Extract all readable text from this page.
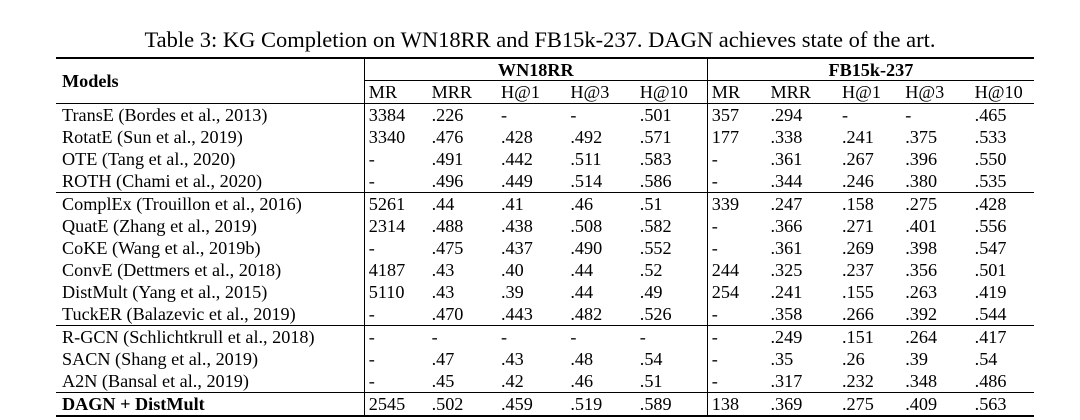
Table 3: KG Completion on WN18RR and FB15k-237. DAGN achieves state of the art.
Models	WN18RR					FB15k-237				
	MR	MRR	H@1	H@3	H@10	MR	MRR	H@1	H@3	H@10
TransE (Bordes et al., 2013)	3384	.226	-	-	.501	357	.294	-	-	.465
RotatE (Sun et al., 2019)	3340	.476	.428	.492	.571	177	.338	.241	.375	.533
OTE (Tang et al., 2020)	-	.491	.442	.511	.583	-	.361	.267	.396	.550
ROTH (Chami et al., 2020)	-	.496	.449	.514	.586	-	.344	.246	.380	.535
ComplEx (Trouillon et al., 2016)	5261	.44	.41	.46	.51	339	.247	.158	.275	.428
QuatE (Zhang et al., 2019)	2314	.488	.438	.508	.582	-	.366	.271	.401	.556
CoKE (Wang et al., 2019b)	-	.475	.437	.490	.552	-	.361	.269	.398	.547
ConvE (Dettmers et al., 2018)	4187	.43	.40	.44	.52	244	.325	.237	.356	.501
DistMult (Yang et al., 2015)	5110	.43	.39	.44	.49	254	.241	.155	.263	.419
TuckER (Balazevic et al., 2019)	-	.470	.443	.482	.526	-	.358	.266	.392	.544
R-GCN (Schlichtkrull et al., 2018)	-	-	-	-	-	-	.249	.151	.264	.417
SACN (Shang et al., 2019)	-	.47	.43	.48	.54	-	.35	.26	.39	.54
A2N (Bansal et al., 2019)	-	.45	.42	.46	.51	-	.317	.232	.348	.486
DAGN + DistMult	2545	.502	.459	.519	.589	138	.369	.275	.409	.563
